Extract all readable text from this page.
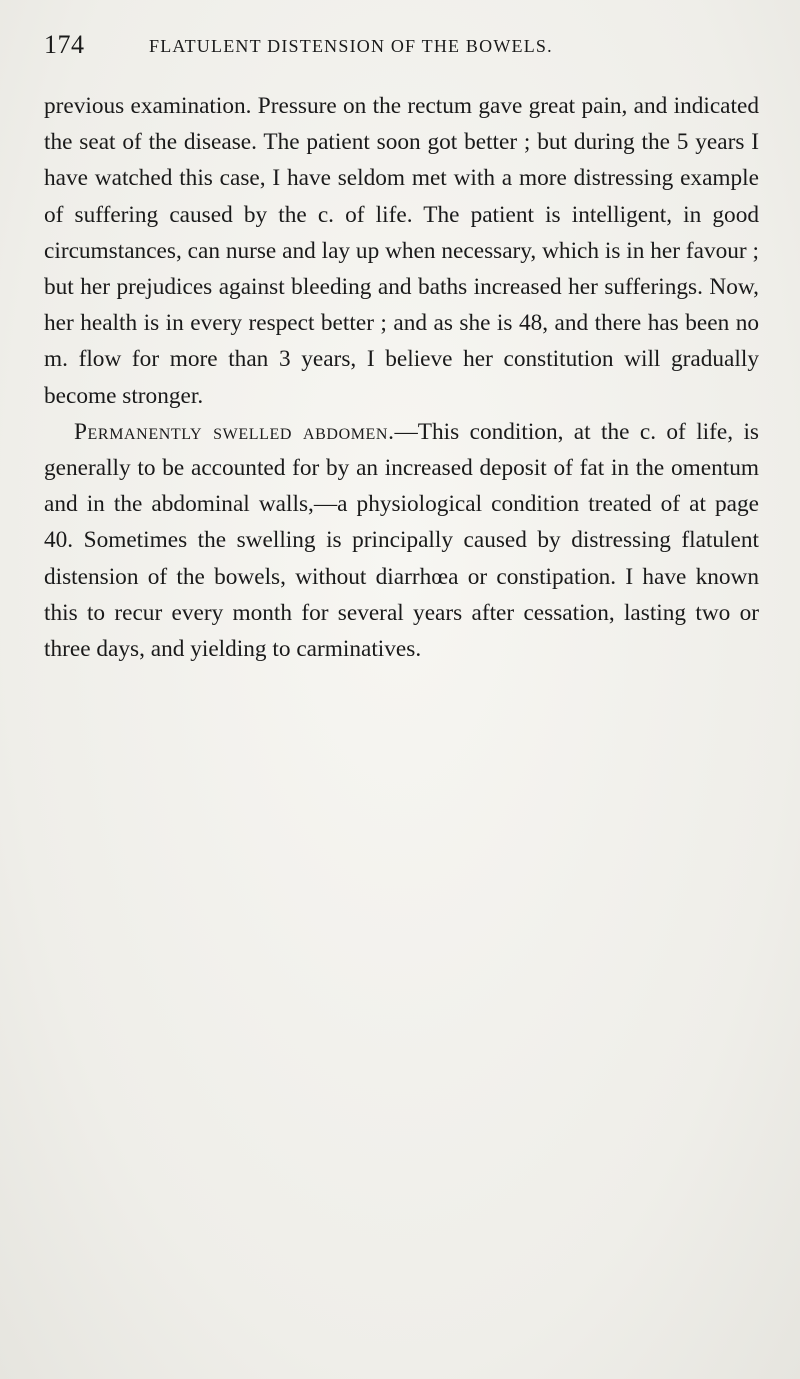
174	FLATULENT DISTENSION OF THE BOWELS.

previous examination. Pressure on the rectum gave great pain, and indicated the seat of the disease. The patient soon got better ; but during the 5 years I have watched this case, I have seldom met with a more distressing example of suffering caused by the c. of life. The patient is intelligent, in good circumstances, can nurse and lay up when necessary, which is in her favour ; but her prejudices against bleeding and baths increased her sufferings. Now, her health is in every respect better ; and as she is 48, and there has been no m. flow for more than 3 years, I believe her constitution will gradually become stronger.

Permanently swelled abdomen.—This condition, at the c. of life, is generally to be accounted for by an increased deposit of fat in the omentum and in the abdominal walls,—a physiological condition treated of at page 40. Sometimes the swelling is principally caused by distressing flatulent distension of the bowels, without diarrhœa or constipation. I have known this to recur every month for several years after cessation, lasting two or three days, and yielding to carminatives.
